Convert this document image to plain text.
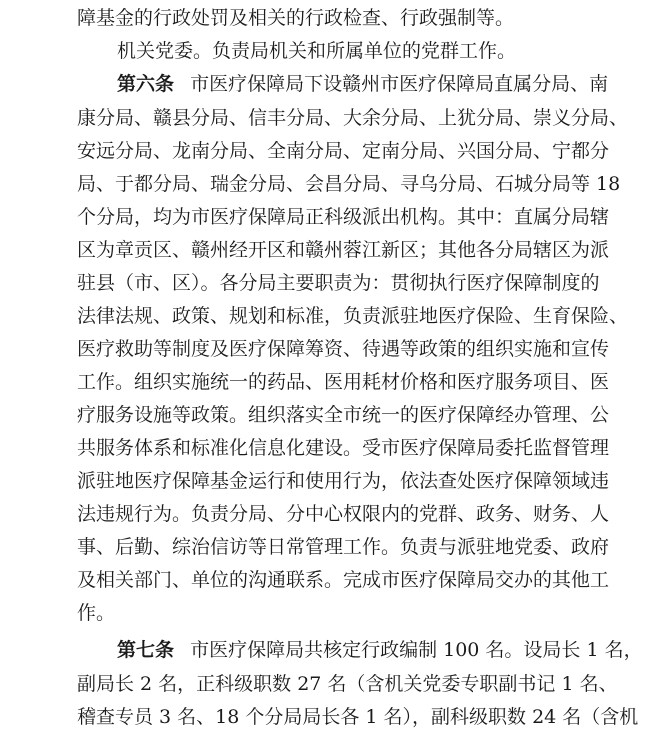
障基金的行政处罚及相关的行政检查、行政强制等。
机关党委。负责局机关和所属单位的党群工作。
第六条 市医疗保障局下设赣州市医疗保障局直属分局、南
康分局、赣县分局、信丰分局、大余分局、上犹分局、崇义分局、
安远分局、龙南分局、全南分局、定南分局、兴国分局、宁都分
局、于都分局、瑞金分局、会昌分局、寻乌分局、石城分局等 18
个分局，均为市医疗保障局正科级派出机构。其中：直属分局辖
区为章贡区、赣州经开区和赣州蓉江新区；其他各分局辖区为派
驻县（市、区）。各分局主要职责为：贯彻执行医疗保障制度的
法律法规、政策、规划和标准，负责派驻地医疗保险、生育保险、
医疗救助等制度及医疗保障筹资、待遇等政策的组织实施和宣传
工作。组织实施统一的药品、医用耗材价格和医疗服务项目、医
疗服务设施等政策。组织落实全市统一的医疗保障经办管理、公
共服务体系和标准化信息化建设。受市医疗保障局委托监督管理
派驻地医疗保障基金运行和使用行为，依法查处医疗保障领域违
法违规行为。负责分局、分中心权限内的党群、政务、财务、人
事、后勤、综治信访等日常管理工作。负责与派驻地党委、政府
及相关部门、单位的沟通联系。完成市医疗保障局交办的其他工
作。
第七条 市医疗保障局共核定行政编制 100 名。设局长 1 名，
副局长 2 名，正科级职数 27 名（含机关党委专职副书记 1 名、
稽查专员 3 名、18 个分局局长各 1 名），副科级职数 24 名（含机
